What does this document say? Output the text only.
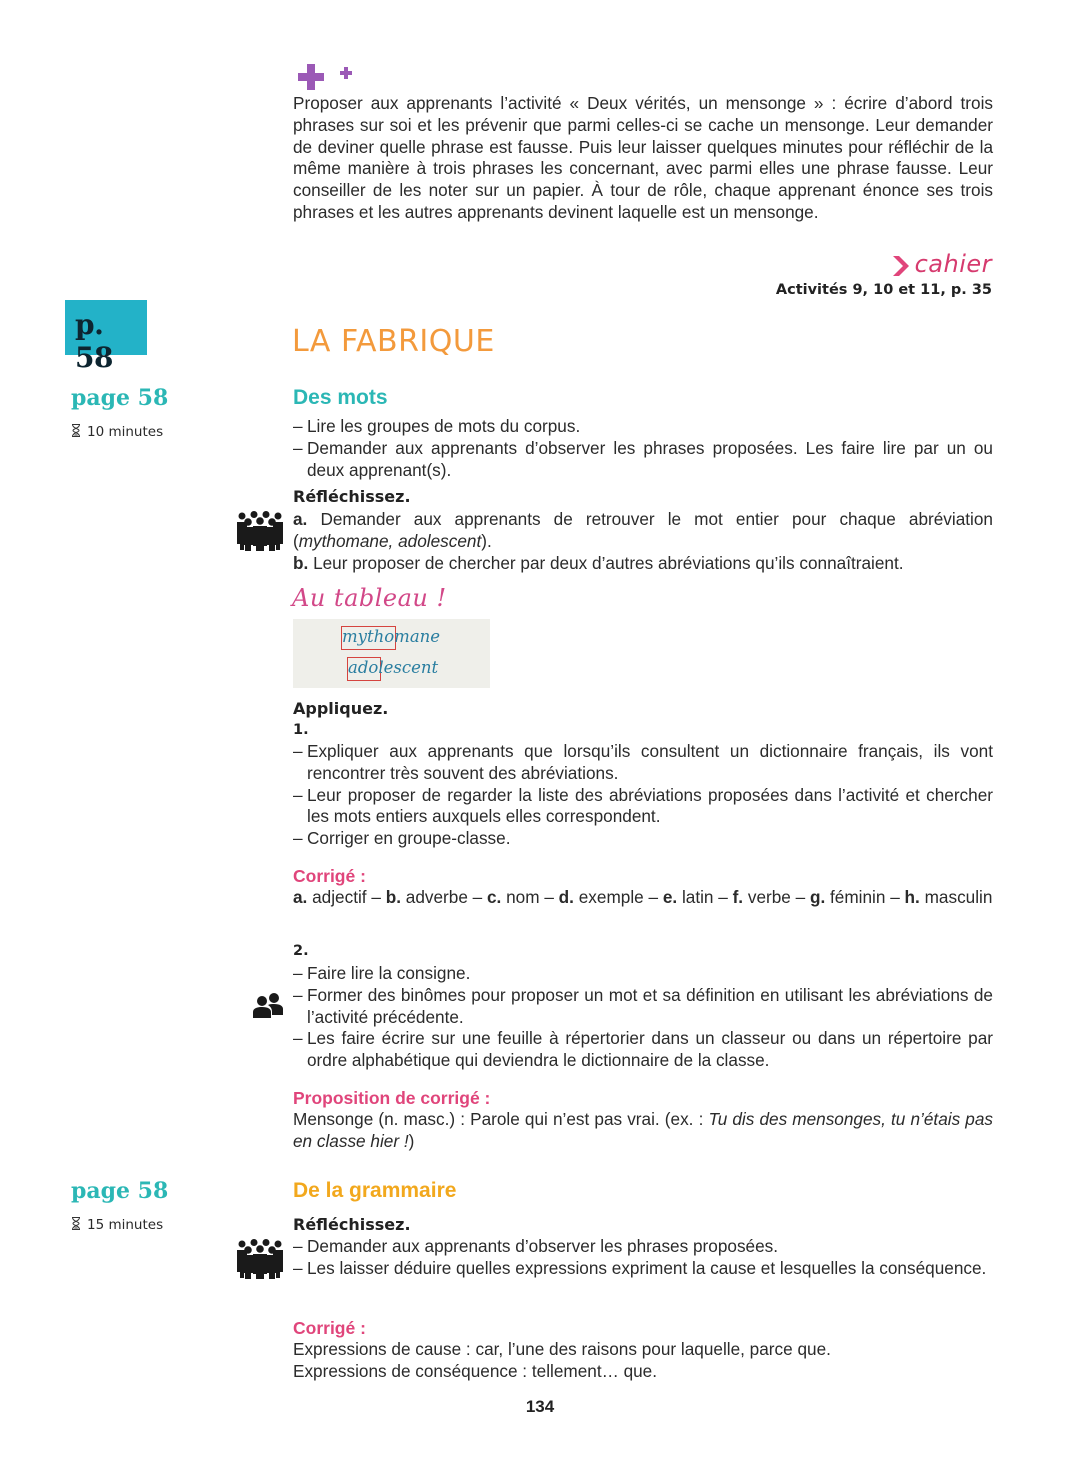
Proposer aux apprenants l’activité « Deux vérités, un mensonge » : écrire d’abord trois phrases sur soi et les prévenir que parmi celles-ci se cache un mensonge. Leur demander de deviner quelle phrase est fausse. Puis leur laisser quelques minutes pour réfléchir de la même manière à trois phrases les concernant, avec parmi elles une phrase fausse. Leur conseiller de les noter sur un papier. À tour de rôle, chaque apprenant énonce ses trois phrases et les autres apprenants devinent laquelle est un mensonge.

cahier
Activités 9, 10 et 11, p. 35
p. 58	LA FABRIQUE
page 58
10 minutes
Des mots
– Lire les groupes de mots du corpus.
– Demander aux apprenants d’observer les phrases proposées. Les faire lire par un ou deux apprenant(s).
Réfléchissez.
a. Demander aux apprenants de retrouver le mot entier pour chaque abréviation (mythomane, adolescent).
b. Leur proposer de chercher par deux d’autres abréviations qu’ils connaîtraient.
Au tableau !
mythomane
adolescent
Appliquez.
1.
– Expliquer aux apprenants que lorsqu’ils consultent un dictionnaire français, ils vont rencontrer très souvent des abréviations.
– Leur proposer de regarder la liste des abréviations proposées dans l’activité et chercher les mots entiers auxquels elles correspondent.
– Corriger en groupe-classe.
Corrigé :
a. adjectif – b. adverbe – c. nom – d. exemple – e. latin – f. verbe – g. féminin – h. masculin
2.
– Faire lire la consigne.
– Former des binômes pour proposer un mot et sa définition en utilisant les abréviations de l’activité précédente.
– Les faire écrire sur une feuille à répertorier dans un classeur ou dans un répertoire par ordre alphabétique qui deviendra le dictionnaire de la classe.
Proposition de corrigé :
Mensonge (n. masc.) : Parole qui n’est pas vrai. (ex. : Tu dis des mensonges, tu n’étais pas en classe hier !)
page 58
15 minutes
De la grammaire
Réfléchissez.
– Demander aux apprenants d’observer les phrases proposées.
– Les laisser déduire quelles expressions expriment la cause et lesquelles la conséquence.
Corrigé :
Expressions de cause : car, l’une des raisons pour laquelle, parce que.
Expressions de conséquence : tellement… que.
134
